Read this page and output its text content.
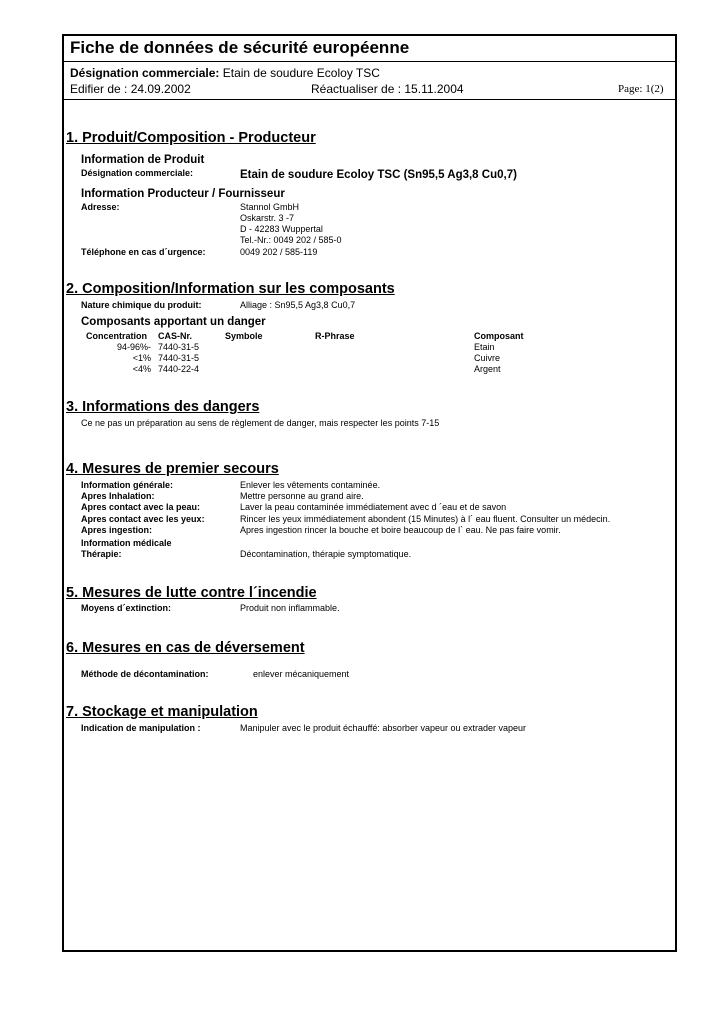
Fiche de données de sécurité européenne
Désignation commerciale: Etain de soudure Ecoloy TSC
Edifier de : 24.09.2002	Réactualiser de : 15.11.2004	Page: 1(2)
1. Produit/Composition - Producteur
Information de Produit
Désignation commerciale:	Etain de soudure Ecoloy TSC (Sn95,5 Ag3,8 Cu0,7)
Information Producteur / Fournisseur
Adresse:	Stannol GmbH
Oskarstr. 3 -7
D - 42283 Wuppertal
Tel.-Nr.: 0049 202 / 585-0
Téléphone en cas d´urgence:	0049 202 / 585-119
2. Composition/Information sur les composants
Nature chimique du produit:	Alliage : Sn95,5 Ag3,8 Cu0,7
Composants apportant un danger
Concentration CAS-Nr.	Symbole	R-Phrase	Composant
94-96%- 7440-31-5	Etain
<1% 7440-31-5	Cuivre
<4% 7440-22-4	Argent
3. Informations des dangers
Ce ne pas un préparation au sens de règlement de danger, mais respecter les points 7-15
4. Mesures de premier secours
Information générale:	Enlever les vêtements contaminée.
Apres Inhalation:	Mettre personne au grand aire.
Apres contact avec la peau:	Laver la peau contaminée immédiatement avec d ´eau et de savon
Apres contact avec les yeux:	Rincer les yeux immédiatement abondent (15 Minutes) à l´ eau fluent. Consulter un médecin.
Apres ingestion:	Apres ingestion rincer la bouche et boire beaucoup de l` eau. Ne pas faire vomir.
Information médicale
Thérapie:	Décontamination, thérapie symptomatique.
5. Mesures de lutte contre l´incendie
Moyens d´extinction:	Produit non inflammable.
6. Mesures en cas de déversement
Méthode de décontamination:	enlever mécaniquement
7. Stockage et manipulation
Indication de manipulation :	Manipuler avec le produit échauffé: absorber vapeur ou extrader vapeur
